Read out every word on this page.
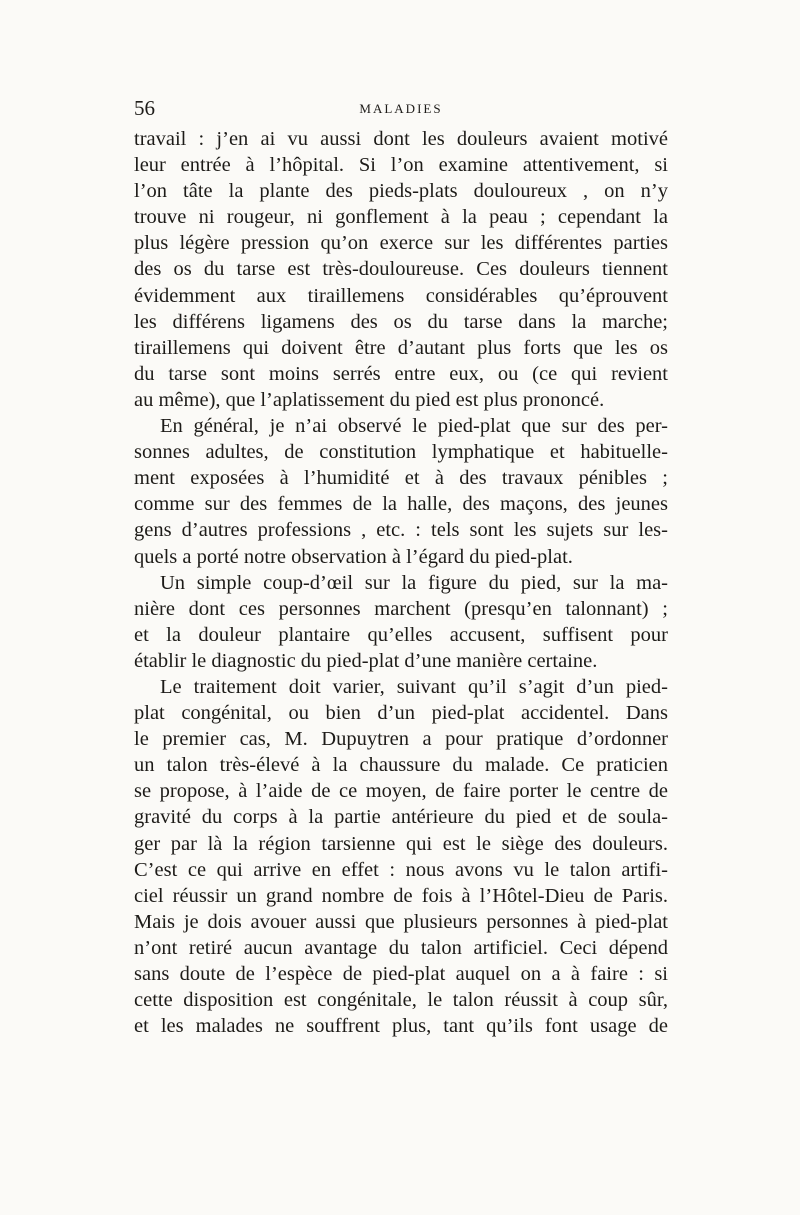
56	MALADIES
travail : j’en ai vu aussi dont les douleurs avaient motivé
leur entrée à l’hôpital. Si l’on examine attentivement, si
l’on tâte la plante des pieds-plats douloureux , on n’y
trouve ni rougeur, ni gonflement à la peau ; cependant la
plus légère pression qu’on exerce sur les différentes parties
des os du tarse est très-douloureuse. Ces douleurs tiennent
évidemment aux tiraillemens considérables qu’éprouvent
les différens ligamens des os du tarse dans la marche;
tiraillemens qui doivent être d’autant plus forts que les os
du tarse sont moins serrés entre eux, ou (ce qui revient
au même), que l’aplatissement du pied est plus prononcé.
En général, je n’ai observé le pied-plat que sur des per-
sonnes adultes, de constitution lymphatique et habituelle-
ment exposées à l’humidité et à des travaux pénibles ;
comme sur des femmes de la halle, des maçons, des jeunes
gens d’autres professions , etc. : tels sont les sujets sur les-
quels a porté notre observation à l’égard du pied-plat.
Un simple coup-d’œil sur la figure du pied, sur la ma-
nière dont ces personnes marchent (presqu’en talonnant) ;
et la douleur plantaire qu’elles accusent, suffisent pour
établir le diagnostic du pied-plat d’une manière certaine.
Le traitement doit varier, suivant qu’il s’agit d’un pied-
plat congénital, ou bien d’un pied-plat accidentel. Dans
le premier cas, M. Dupuytren a pour pratique d’ordonner
un talon très-élevé à la chaussure du malade. Ce praticien
se propose, à l’aide de ce moyen, de faire porter le centre de
gravité du corps à la partie antérieure du pied et de soula-
ger par là la région tarsienne qui est le siège des douleurs.
C’est ce qui arrive en effet : nous avons vu le talon artifi-
ciel réussir un grand nombre de fois à l’Hôtel-Dieu de Paris.
Mais je dois avouer aussi que plusieurs personnes à pied-plat
n’ont retiré aucun avantage du talon artificiel. Ceci dépend
sans doute de l’espèce de pied-plat auquel on a à faire : si
cette disposition est congénitale, le talon réussit à coup sûr,
et les malades ne souffrent plus, tant qu’ils font usage de
